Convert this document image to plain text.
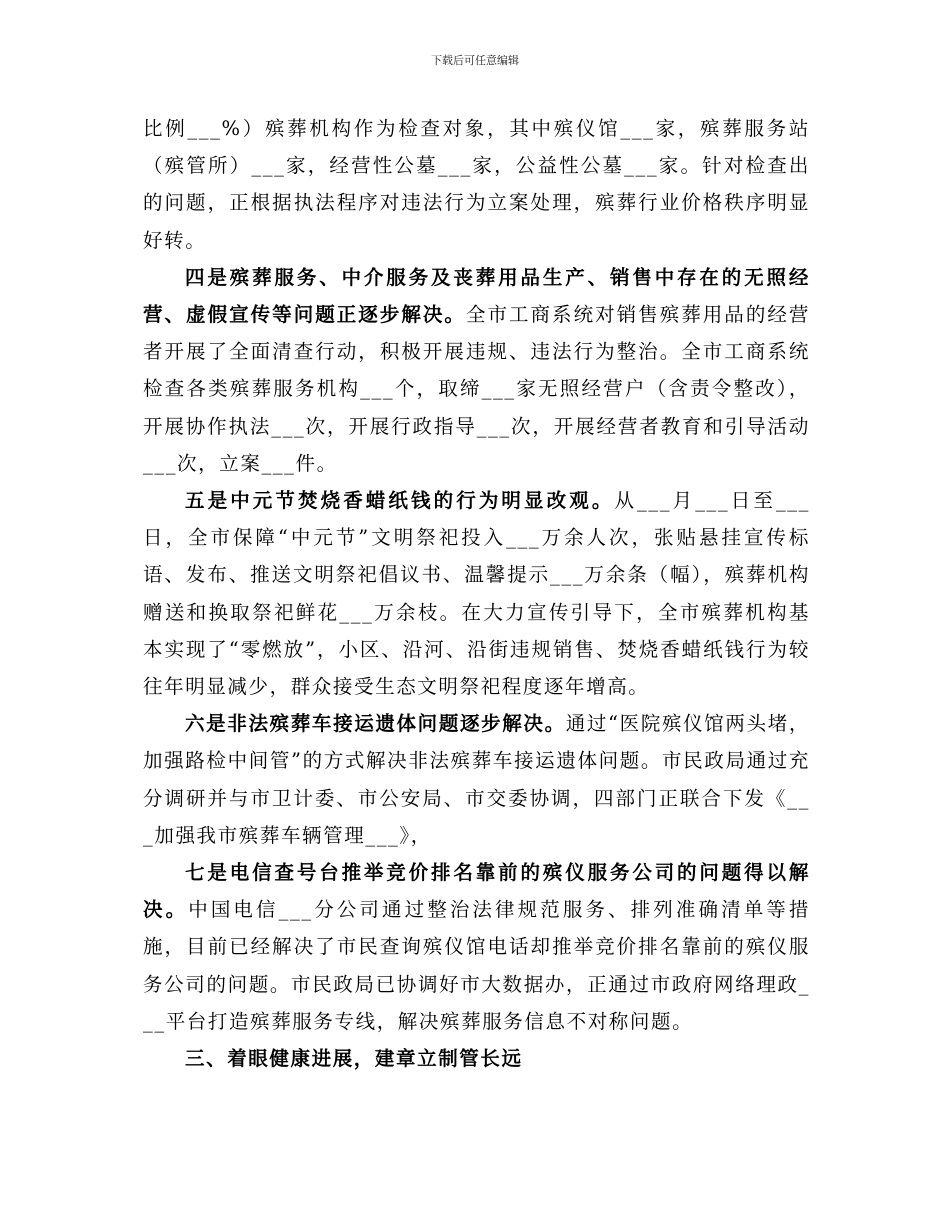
下载后可任意编辑

比例___%）殡葬机构作为检查对象，其中殡仪馆___家，殡葬服务站（殡管所）___家，经营性公墓___家，公益性公墓___家。针对检查出的问题，正根据执法程序对违法行为立案处理，殡葬行业价格秩序明显好转。

四是殡葬服务、中介服务及丧葬用品生产、销售中存在的无照经营、虚假宣传等问题正逐步解决。全市工商系统对销售殡葬用品的经营者开展了全面清查行动，积极开展违规、违法行为整治。全市工商系统检查各类殡葬服务机构___个，取缔___家无照经营户（含责令整改），开展协作执法___次，开展行政指导___次，开展经营者教育和引导活动___次，立案___件。

五是中元节焚烧香蜡纸钱的行为明显改观。从___月___日至___日，全市保障“中元节”文明祭祀投入___万余人次，张贴悬挂宣传标语、发布、推送文明祭祀倡议书、温馨提示___万余条（幅），殡葬机构赠送和换取祭祀鲜花___万余枝。在大力宣传引导下，全市殡葬机构基本实现了“零燃放”，小区、沿河、沿街违规销售、焚烧香蜡纸钱行为较往年明显减少，群众接受生态文明祭祀程度逐年增高。

六是非法殡葬车接运遗体问题逐步解决。通过“医院殡仪馆两头堵，加强路检中间管”的方式解决非法殡葬车接运遗体问题。市民政局通过充分调研并与市卫计委、市公安局、市交委协调，四部门正联合下发《___加强我市殡葬车辆管理___》，

七是电信查号台推举竞价排名靠前的殡仪服务公司的问题得以解决。中国电信___分公司通过整治法律规范服务、排列准确清单等措施，目前已经解决了市民查询殡仪馆电话却推举竞价排名靠前的殡仪服务公司的问题。市民政局已协调好市大数据办，正通过市政府网络理政___平台打造殡葬服务专线，解决殡葬服务信息不对称问题。

三、着眼健康进展，建章立制管长远
